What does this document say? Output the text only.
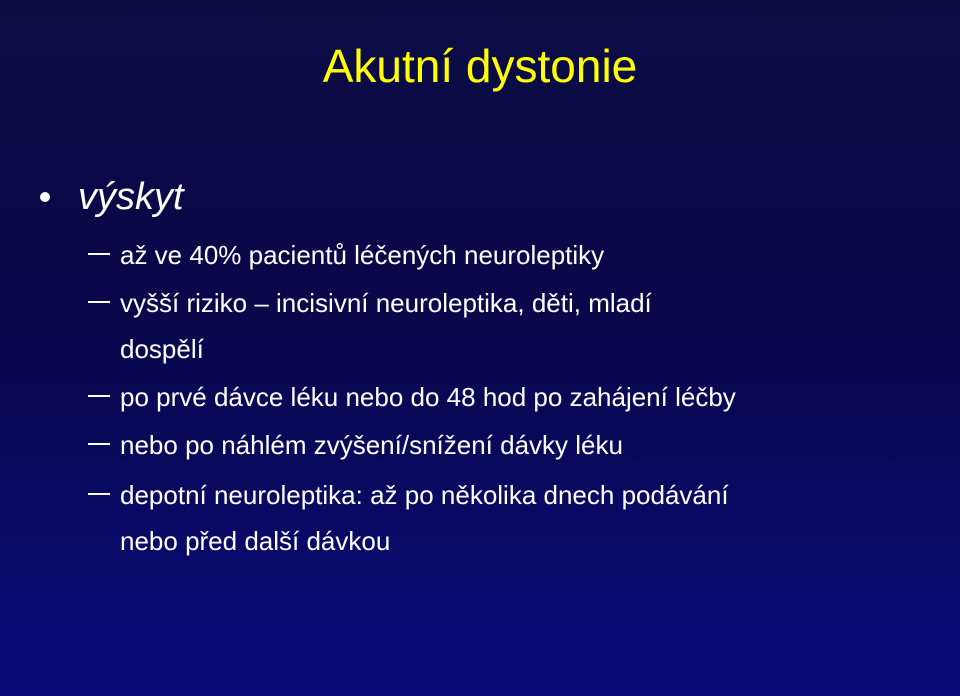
Akutní dystonie
výskyt
až ve 40% pacientů léčených neuroleptiky
vyšší riziko – incisivní neuroleptika, děti, mladí
dospělí
po prvé dávce léku nebo do 48 hod po zahájení léčby
nebo po náhlém zvýšení/snížení dávky léku
depotní neuroleptika: až po několika dnech podávání
nebo před další dávkou
